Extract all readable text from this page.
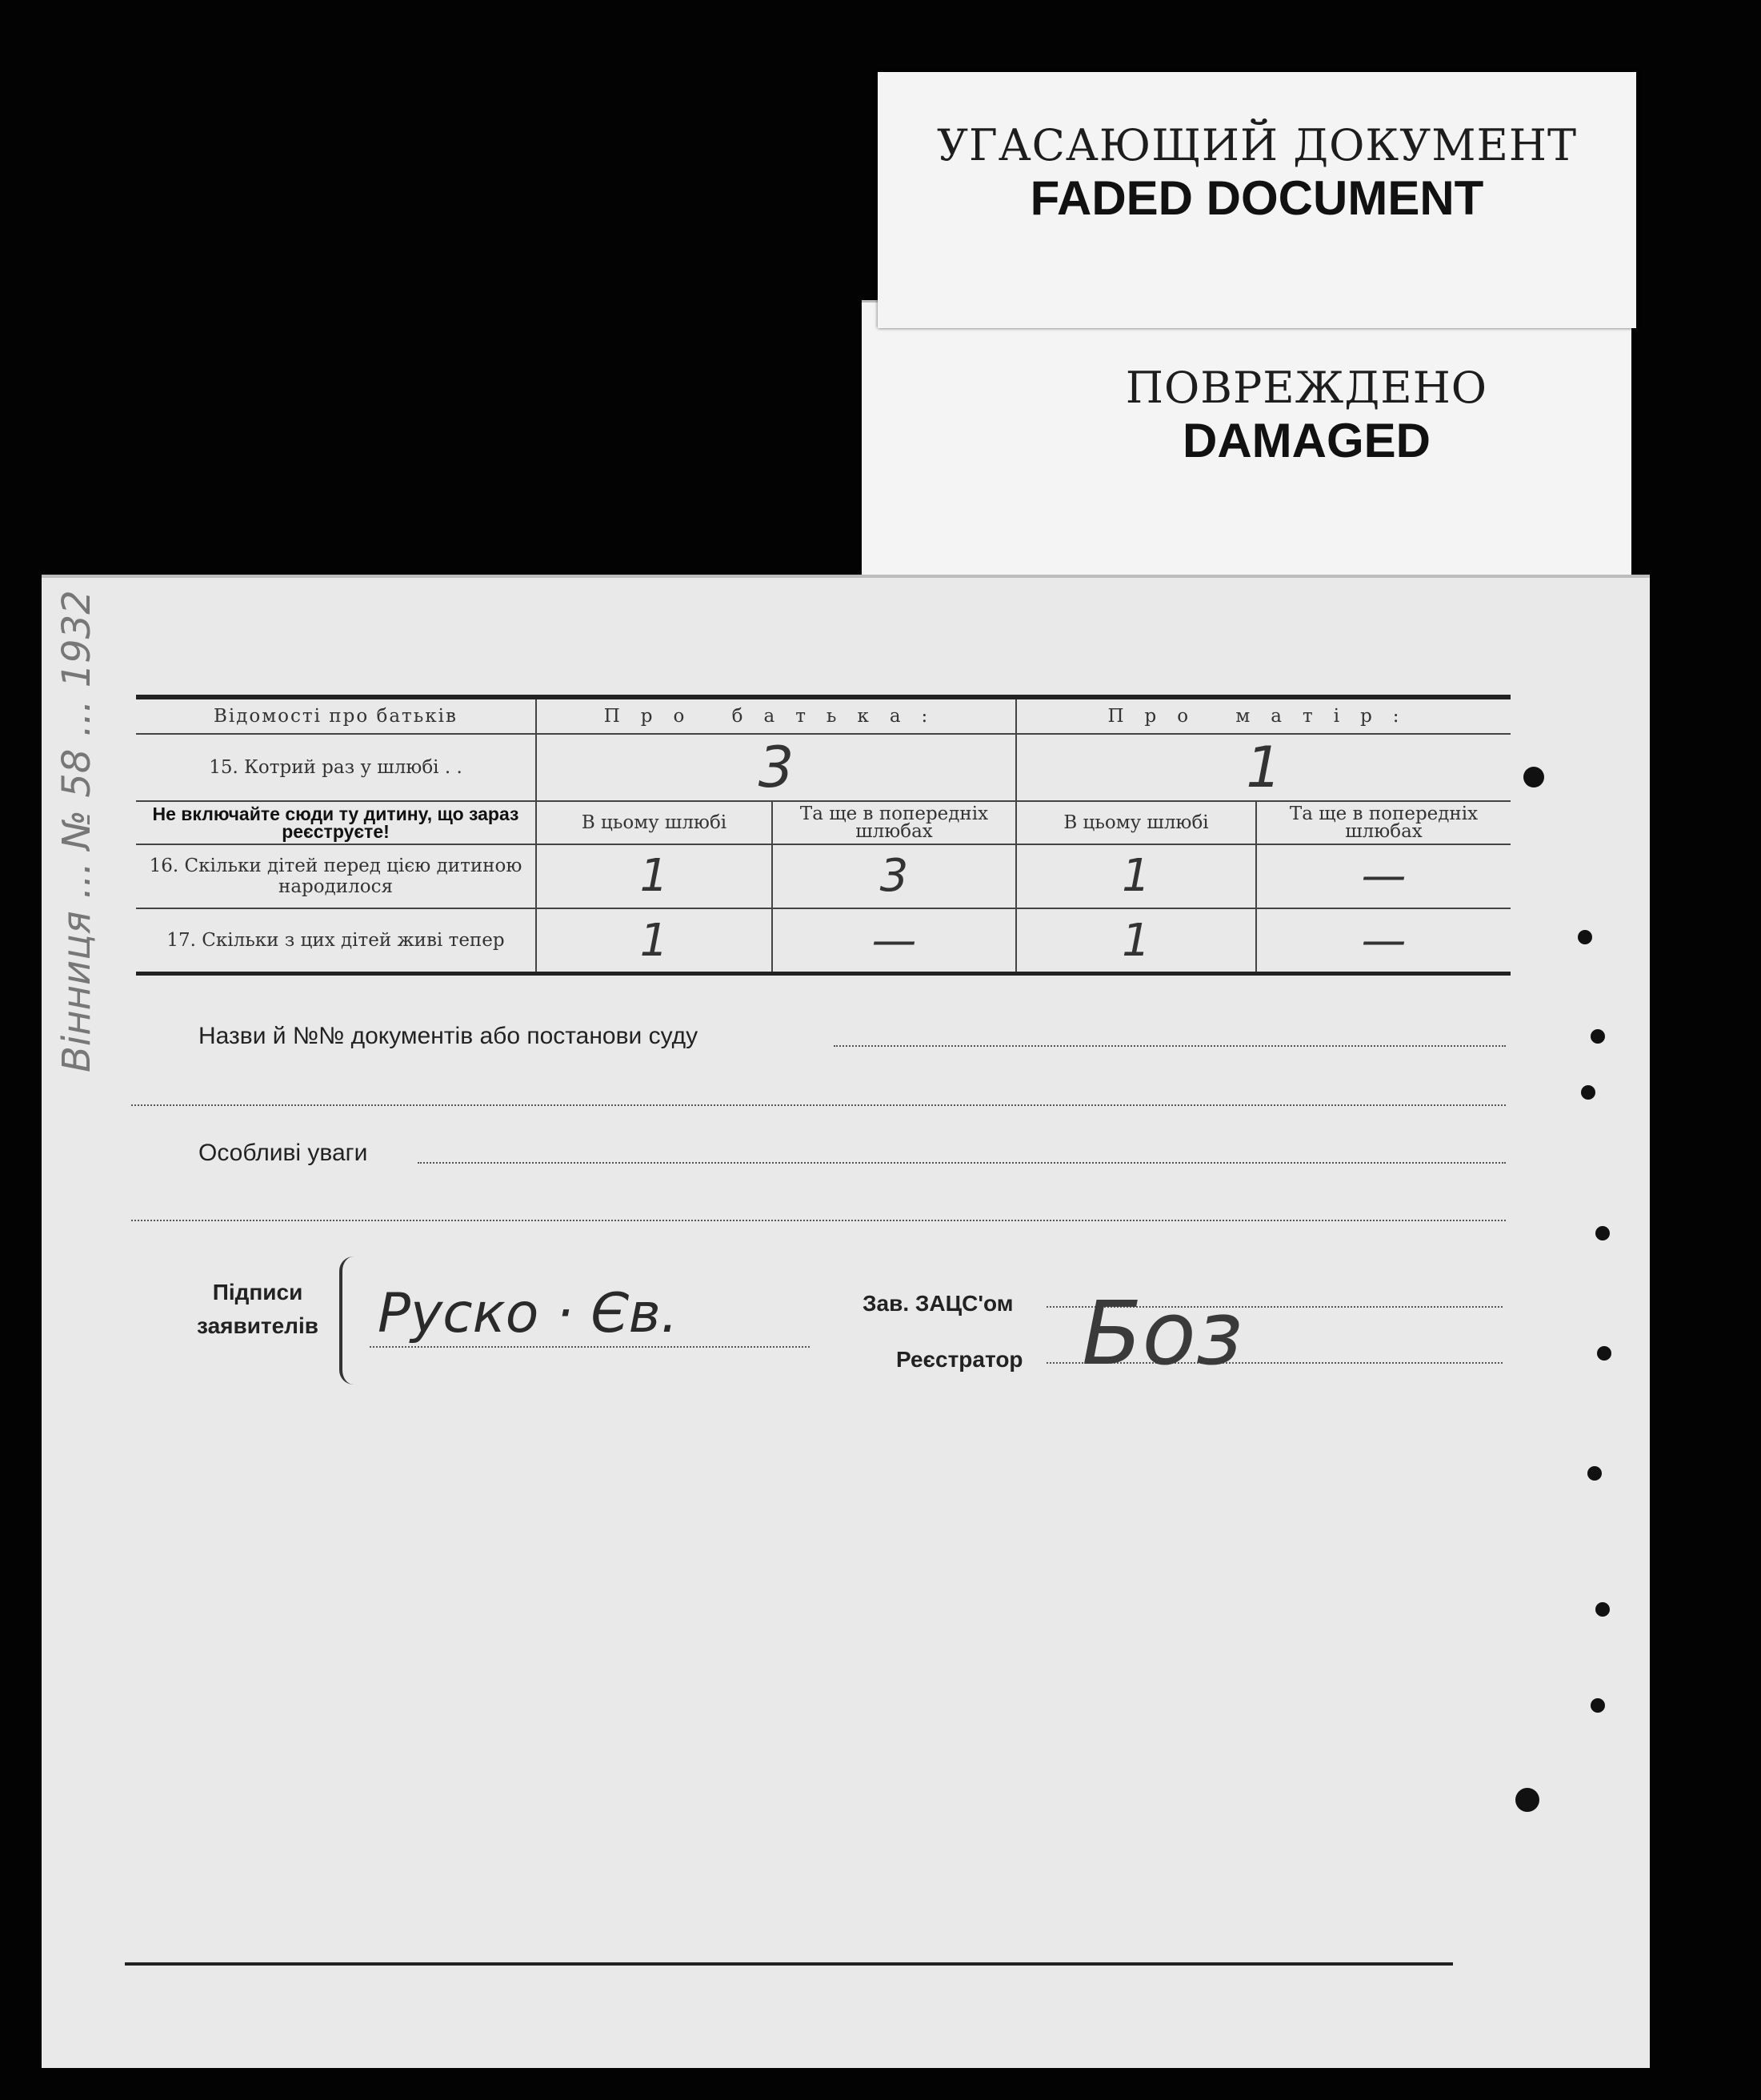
ПОВРЕЖДЕНО
DAMAGED
УГАСАЮЩИЙ ДОКУМЕНТ
FADED DOCUMENT
Відомості про батьків	Про батька:		Про матір:	
15. Котрий раз у шлюбі . .	3		1	
Не включайте сюди ту дитину, що зараз реєструєте!	В цьому шлюбі	Та ще в попередніх шлюбах	В цьому шлюбі	Та ще в попередніх шлюбах
16. Скільки дітей перед цією дитиною народилося	1	3	1	—
17. Скільки з цих дітей живі тепер	1	—	1	—
Назви й №№ документів або постанови суду
Особливі уваги
Підписи заявителів	Руско · Єв.	Зав. ЗАЦС'ом
Реєстратор Боз
Вінниця ... № 58 ... 1932
